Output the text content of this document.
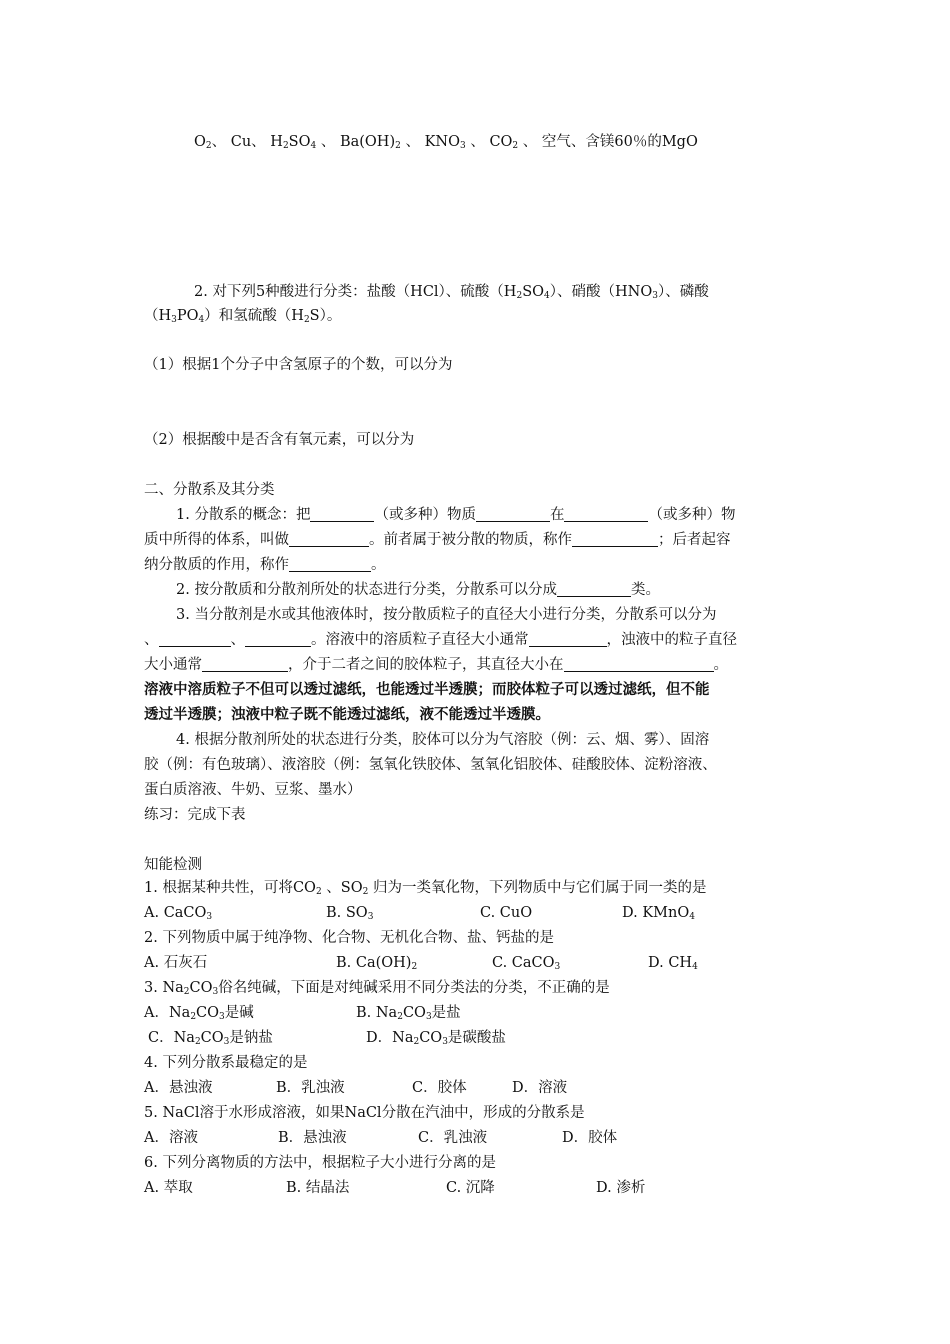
$O_2$、 Cu、 $H_2SO_4$ 、 $Ba(OH)_2$ 、 $KNO_3$ 、 $CO_2$ 、 空气、含镁60％的MgO
2. 对下列5种酸进行分类：盐酸（HCl）、硫酸$(H_2SO_4)$、硝酸$(HNO_3)$、磷酸
$(H_3PO_4)$和氢硫酸$(H_2S)$。
（1）根据1个分子中含氢原子的个数，可以分为
（2）根据酸中是否含有氧元素，可以分为
二、分散系及其分类
1. 分散系的概念：把	（或多种）物质	在	（或多种）物
质中所得的体系，叫做	。前者属于被分散的物质，称作	；后者起容
纳分散质的作用，称作	。
2. 按分散质和分散剂所处的状态进行分类，分散系可以分成	类。
3. 当分散剂是水或其他液体时，按分散质粒子的直径大小进行分类，分散系可以分为
、	、	。溶液中的溶质粒子直径大小通常	，浊液中的粒子直径
大小通常	，介于二者之间的胶体粒子，其直径大小在	。
溶液中溶质粒子不但可以透过滤纸，也能透过半透膜；而胶体粒子可以透过滤纸，但不能
透过半透膜；浊液中粒子既不能透过滤纸，液不能透过半透膜。
4. 根据分散剂所处的状态进行分类，胶体可以分为气溶胶（例：云、烟、雾）、固溶
胶（例：有色玻璃）、液溶胶（例：氢氧化铁胶体、氢氧化铝胶体、硅酸胶体、淀粉溶液、
蛋白质溶液、牛奶、豆浆、墨水）
练习：完成下表
知能检测
1. 根据某种共性，可将$CO_2$ 、$SO_2$ 归为一类氧化物，下列物质中与它们属于同一类的是
A. CaCO$_3$	B. $SO_3$	C. CuO	D. KMnO$_4$
2. 下列物质中属于纯净物、化合物、无机化合物、盐、钙盐的是
A. 石灰石	B. $Ca(OH)_2$	C. CaCO$_3$	D. $CH_4$
3. $Na_2CO_3$俗名纯碱，下面是对纯碱采用不同分类法的分类，不正确的是
A．$Na_2CO_3$是碱	B. $Na_2CO_3$是盐
C．$Na_2CO_3$是钠盐	D．$Na_2CO_3$是碳酸盐
4. 下列分散系最稳定的是
A．悬浊液	B．乳浊液	C．胶体	D．溶液
5. NaCl溶于水形成溶液，如果NaCl分散在汽油中，形成的分散系是
A．溶液	B．悬浊液	C．乳浊液	D．胶体
6. 下列分离物质的方法中，根据粒子大小进行分离的是
A. 萃取	B. 结晶法	C. 沉降	D. 渗析
